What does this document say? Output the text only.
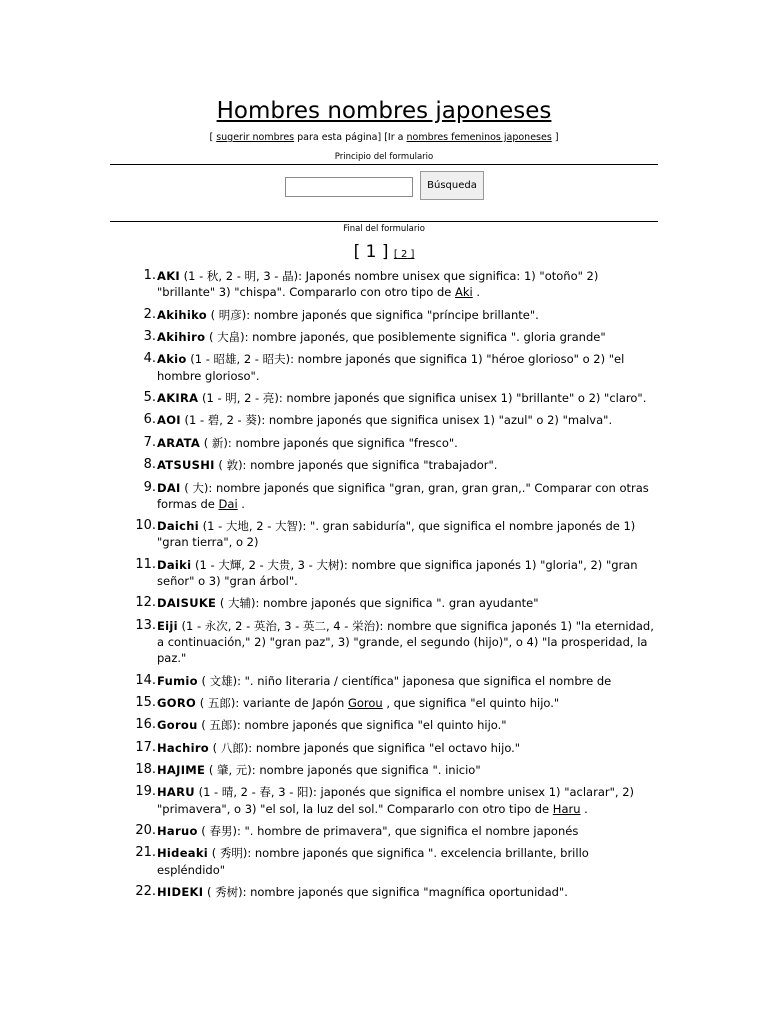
Hombres nombres japoneses
[ sugerir nombres para esta página] [Ir a nombres femeninos japoneses ]
Principio del formulario
Búsqueda
Final del formulario
[ 1 ] [ 2 ]
1. AKI (1 - 秋, 2 - 明, 3 - 晶): Japonés nombre unisex que significa: 1) "otoño" 2) "brillante" 3) "chispa". Compararlo con otro tipo de Aki .
2. Akihiko ( 明彦): nombre japonés que significa "príncipe brillante".
3. Akihiro ( 大畠): nombre japonés, que posiblemente significa ". gloria grande"
4. Akio (1 - 昭雄, 2 - 昭夫): nombre japonés que significa 1) "héroe glorioso" o 2) "el hombre glorioso".
5. AKIRA (1 - 明, 2 - 亮): nombre japonés que significa unisex 1) "brillante" o 2) "claro".
6. AOI (1 - 碧, 2 - 葵): nombre japonés que significa unisex 1) "azul" o 2) "malva".
7. ARATA ( 新): nombre japonés que significa "fresco".
8. ATSUSHI ( 敦): nombre japonés que significa "trabajador".
9. DAI ( 大): nombre japonés que significa "gran, gran, gran gran,." Comparar con otras formas de Dai .
10. Daichi (1 - 大地, 2 - 大智): ". gran sabiduría", que significa el nombre japonés de 1) "gran tierra", o 2)
11. Daiki (1 - 大輝, 2 - 大贵, 3 - 大树): nombre que significa japonés 1) "gloria", 2) "gran señor" o 3) "gran árbol".
12. DAISUKE ( 大辅): nombre japonés que significa ". gran ayudante"
13. Eiji (1 - 永次, 2 - 英治, 3 - 英二, 4 - 栄治): nombre que significa japonés 1) "la eternidad, a continuación," 2) "gran paz", 3) "grande, el segundo (hijo)", o 4) "la prosperidad, la paz."
14. Fumio ( 文雄): ". niño literaria / científica" japonesa que significa el nombre de
15. GORO ( 五郎): variante de Japón Gorou , que significa "el quinto hijo."
16. Gorou ( 五郎): nombre japonés que significa "el quinto hijo."
17. Hachiro ( 八郎): nombre japonés que significa "el octavo hijo."
18. HAJIME ( 肇, 元): nombre japonés que significa ". inicio"
19. HARU (1 - 晴, 2 - 春, 3 - 阳): japonés que significa el nombre unisex 1) "aclarar", 2) "primavera", o 3) "el sol, la luz del sol." Compararlo con otro tipo de Haru .
20. Haruo ( 春男): ". hombre de primavera", que significa el nombre japonés
21. Hideaki ( 秀明): nombre japonés que significa ". excelencia brillante, brillo espléndido"
22. HIDEKI ( 秀树): nombre japonés que significa "magnífica oportunidad".
